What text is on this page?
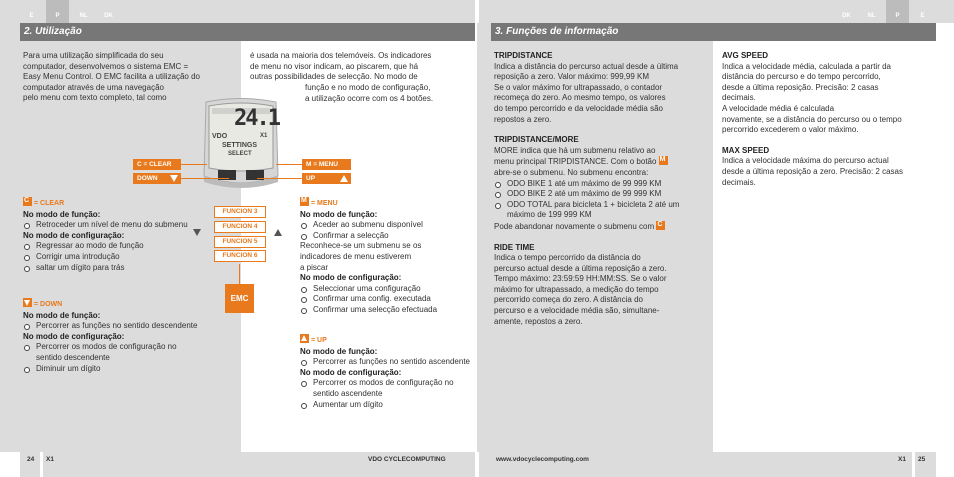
E	P	NL	DK	DK	NL	P	E
2. Utilização	3. Funções de informação

Para uma utilização simplificada do seu

computador, desenvolvemos o sistema EMC =

Easy Menu Control. O EMC facilita a utilização do

computador através de uma navegação

pelo menu com texto completo, tal como

é usada na maioria dos telemóveis. Os indicadores

de menu no visor indicam, ao piscarem, que há

outras possibilidades de selecção. No modo de

função e no modo de configuração,

a utilização ocorre com os 4 botões.

VDO	X1
24.1
SETTINGS
SELECT
C = CLEAR
DOWN
M = MENU
UP
FUNCION 3
FUNCION 4
FUNCION 5
FUNCION 6
EMC

C = CLEAR

No modo de função:

Retroceder um nível de menu do submenu

No modo de configuração:

Regressar ao modo de função
Corrigir uma introdução
saltar um dígito para trás

= DOWN

No modo de função:

Percorrer as funções no sentido descendente

No modo de configuração:

Percorrer os modos de configuração no sentido descendente
Diminuir um dígito

M = MENU

No modo de função:

Aceder ao submenu disponível
Confirmar a selecção

Reconhece-se um submenu se os

indicadores de menu estiverem

a piscar

No modo de configuração:

Seleccionar uma configuração
Confirmar uma config. executada
Confirmar uma selecção efectuada

= UP

No modo de função:

Percorrer as funções no sentido ascendente

No modo de configuração:

Percorrer os modos de configuração no sentido ascendente
Aumentar um dígito

TRIPDISTANCE

Indica a distância do percurso actual desde a última

reposição a zero. Valor máximo: 999,99 KM

Se o valor máximo for ultrapassado, o contador

recomeça do zero. Ao mesmo tempo, os valores

do tempo percorrido e da velocidade média são

repostos a zero.

TRIPDISTANCE/MORE

MORE indica que há um submenu relativo ao

menu principal TRIPDISTANCE. Com o botão M

abre-se o submenu. No submenu encontra:

ODO BIKE 1 até um máximo de 99 999 KM
ODO BIKE 2 até um máximo de 99 999 KM
ODO TOTAL para bicicleta 1 + bicicleta 2 até um máximo de 199 999 KM

Pode abandonar novamente o submenu com C

RIDE TIME

Indica o tempo percorrido da distância do

percurso actual desde a última reposição a zero.

Tempo máximo: 23:59:59 HH:MM:SS. Se o valor

máximo for ultrapassado, a medição do tempo

percorrido começa do zero. A distância do

percurso e a velocidade média são, simultane-

amente, repostos a zero.

AVG SPEED

Indica a velocidade média, calculada a partir da

distância do percurso e do tempo percorrido,

desde a última reposição. Precisão: 2 casas

decimais.

A velocidade média é calculada

novamente, se a distância do percurso ou o tempo

percorrido excederem o valor máximo.

MAX SPEED

Indica a velocidade máxima do percurso actual

desde a última reposição a zero. Precisão: 2 casas

decimais.

24 X1	VDO CYCLECOMPUTING	www.vdocyclecomputing.com	X1 25
